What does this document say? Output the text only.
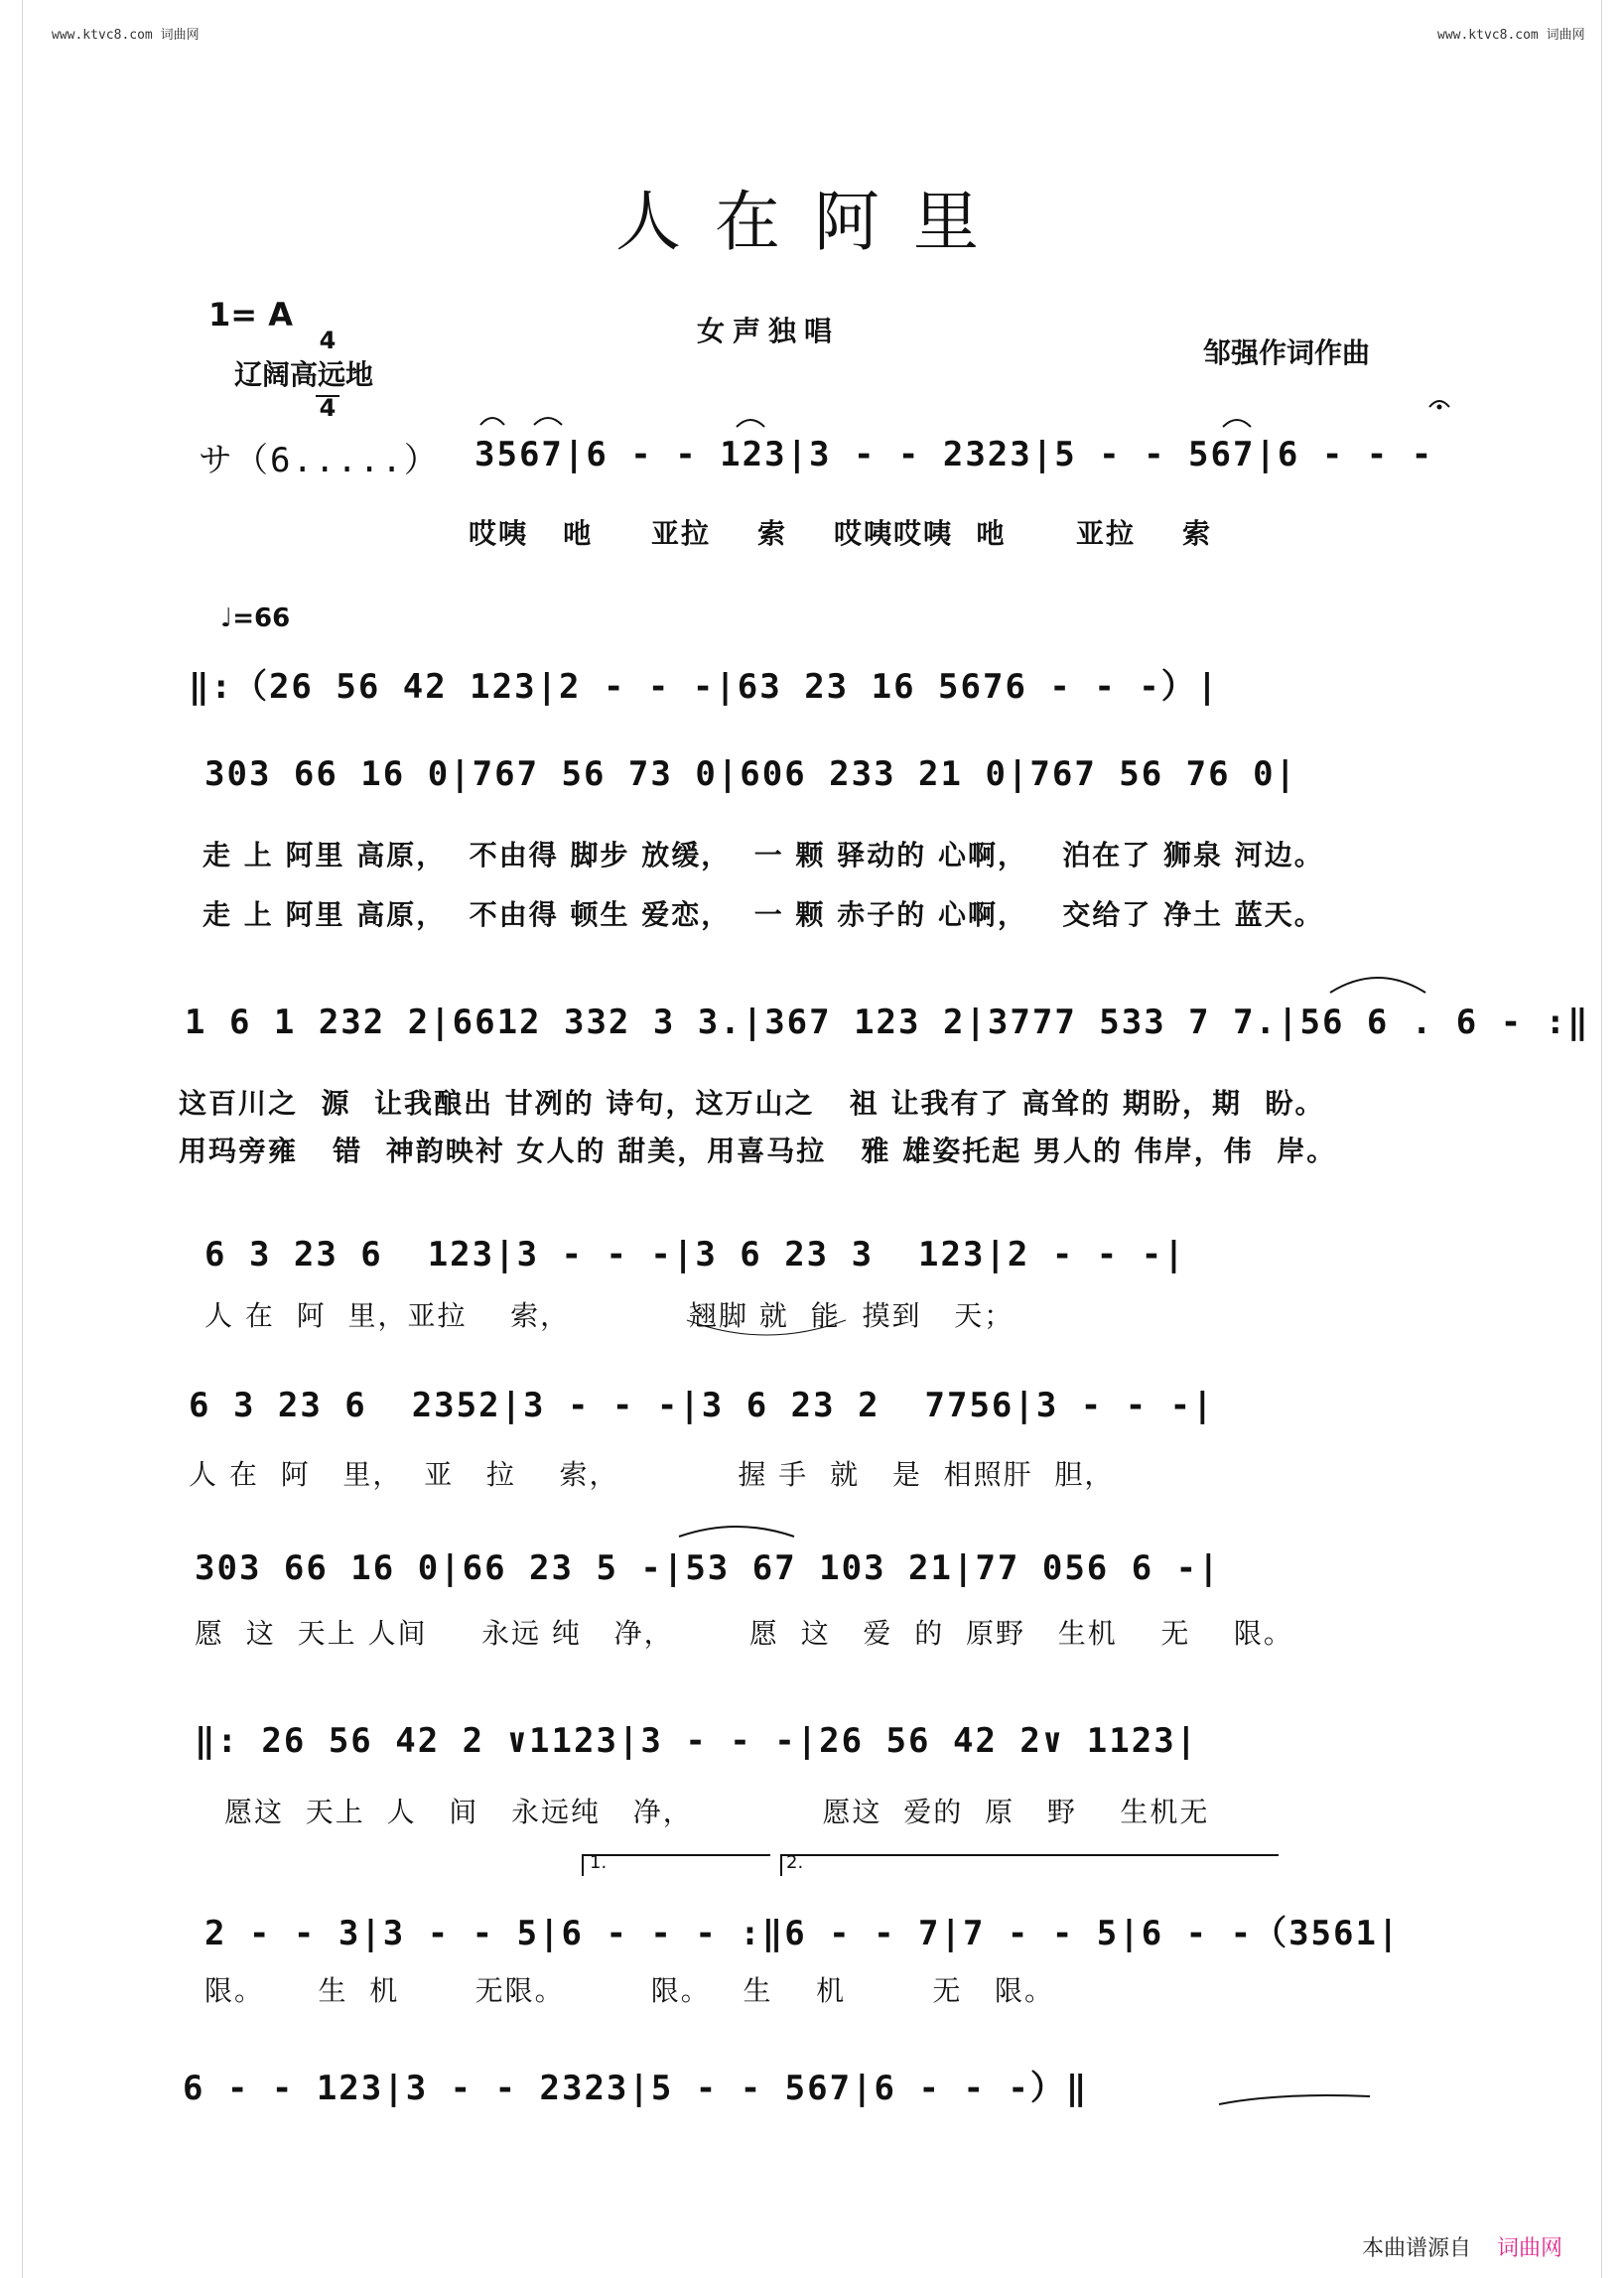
www.ktvc8.com 词曲网	www.ktvc8.com 词曲网
人在阿里
1= A

4

4

辽阔高远地
女声独唱
邹强作词作曲
サ（6.....） 3567|6 - - 123|3 - - 2323|5 - - 567|6 - - -
哎咦   吔     亚拉    索    哎咦哎咦  吔      亚拉    索
♩=66
‖:（26 56 42 123|2 - - -|63 23 16 5676 - - -）|
303 66 16 0|767 56 73 0|606 233 21 0|767 56 76 0|
走 上 阿里 高原，  不由得 脚步 放缓，  一 颗 驿动的 心啊，   泊在了 狮泉 河边。
走 上 阿里 高原，  不由得 顿生 爱恋，  一 颗 赤子的 心啊，   交给了 净土 蓝天。
1 6 1 232 2|6612 332 3 3.|367 123 2|3777 533 7 7.|56 6 . 6 - :‖
这百川之  源  让我酿出 甘冽的 诗句，这万山之   祖 让我有了 高耸的 期盼，期  盼。
用玛旁雍   错  神韵映衬 女人的 甜美，用喜马拉   雅 雄姿托起 男人的 伟岸，伟  岸。
6 3 23 6  123|3 - - -|3 6 23 3  123|2 - - -|
人 在  阿  里，亚拉    索，           翘脚 就  能  摸到   天；
6 3 23 6  2352|3 - - -|3 6 23 2  7756|3 - - -|
人 在  阿   里，  亚   拉    索，           握 手  就   是  相照肝  胆，
303 66 16 0|66 23 5 -|53 67 103 21|77 056 6 -|
愿  这  天上 人间     永远 纯   净，       愿  这   爱  的  原野   生机    无    限。
‖: 26 56 42 2 ∨1123|3 - - -|26 56 42 2∨ 1123|
愿这  天上  人   间   永远纯   净，            愿这  爱的  原   野    生机无
1.	2.
2 - - 3|3 - - 5|6 - - - :‖6 - - 7|7 - - 5|6 - -（3561|
限。     生  机       无限。        限。   生    机        无   限。
6 - - 123|3 - - 2323|5 - - 567|6 - - -）‖
本曲谱源自 词曲网
